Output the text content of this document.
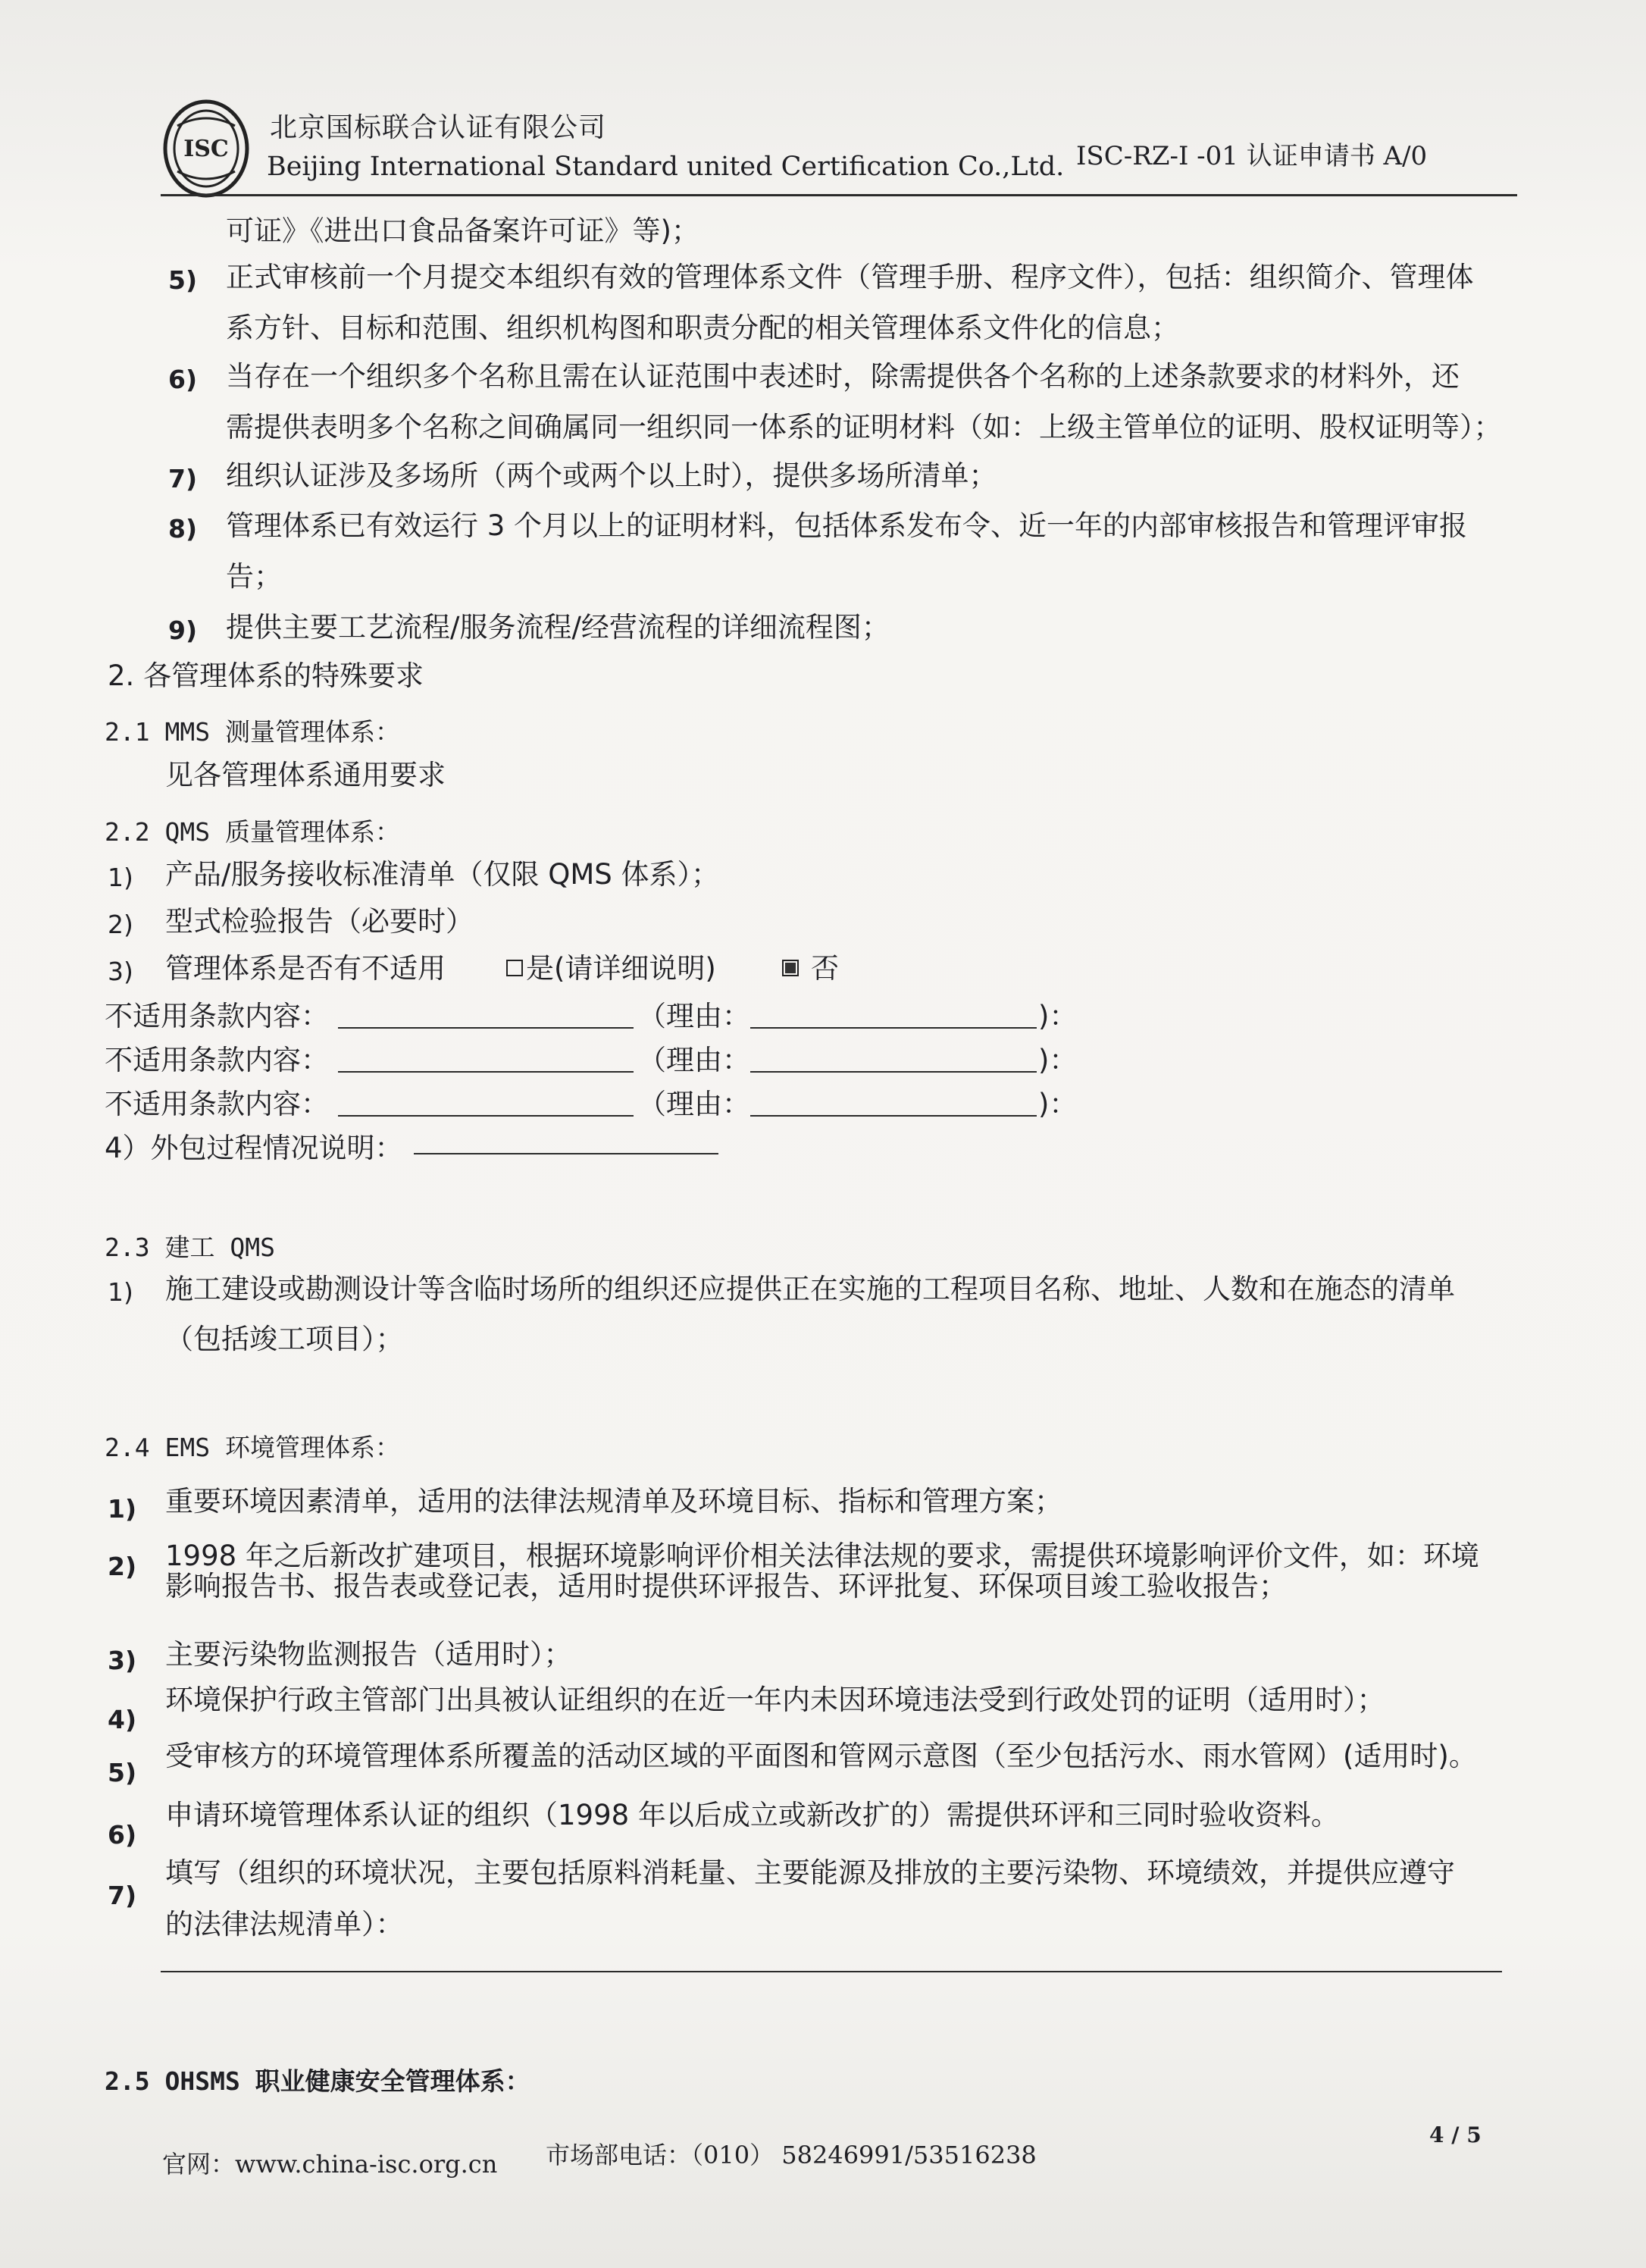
ISC
北京国标联合认证有限公司
Beijing International Standard united Certification Co.,Ltd. ISC-RZ-I -01 认证申请书 A/0
可证》《进出口食品备案许可证》等)；
5) 正式审核前一个月提交本组织有效的管理体系文件（管理手册、程序文件），包括：组织简介、管理体
系方针、目标和范围、组织机构图和职责分配的相关管理体系文件化的信息；
6) 当存在一个组织多个名称且需在认证范围中表述时，除需提供各个名称的上述条款要求的材料外，还
需提供表明多个名称之间确属同一组织同一体系的证明材料（如：上级主管单位的证明、股权证明等）；
7) 组织认证涉及多场所（两个或两个以上时），提供多场所清单；
8) 管理体系已有效运行 3 个月以上的证明材料，包括体系发布令、近一年的内部审核报告和管理评审报
告；
9) 提供主要工艺流程/服务流程/经营流程的详细流程图；
2. 各管理体系的特殊要求
2.1 MMS 测量管理体系：
见各管理体系通用要求
2.2 QMS 质量管理体系：
1) 产品/服务接收标准清单（仅限 QMS 体系）；
2) 型式检验报告（必要时）
3) 管理体系是否有不适用	是(请详细说明)	否
不适用条款内容：	（理由：	)：
不适用条款内容：	（理由：	)：
不适用条款内容：	（理由：	)：
4）外包过程情况说明：
2.3 建工 QMS
1) 施工建设或勘测设计等含临时场所的组织还应提供正在实施的工程项目名称、地址、人数和在施态的清单
（包括竣工项目）；
2.4 EMS 环境管理体系：
1) 重要环境因素清单，适用的法律法规清单及环境目标、指标和管理方案；
2) 1998 年之后新改扩建项目，根据环境影响评价相关法律法规的要求，需提供环境影响评价文件，如：环境
影响报告书、报告表或登记表，适用时提供环评报告、环评批复、环保项目竣工验收报告；
3) 主要污染物监测报告（适用时）；
4)
环境保护行政主管部门出具被认证组织的在近一年内未因环境违法受到行政处罚的证明（适用时）；
5)
受审核方的环境管理体系所覆盖的活动区域的平面图和管网示意图（至少包括污水、雨水管网）(适用时)。
6)
申请环境管理体系认证的组织（1998 年以后成立或新改扩的）需提供环评和三同时验收资料。
7)
填写（组织的环境状况，主要包括原料消耗量、主要能源及排放的主要污染物、环境绩效，并提供应遵守
的法律法规清单）：
2.5 OHSMS 职业健康安全管理体系：
官网：www.china-isc.org.cn 市场部电话：（010） 58246991/53516238
4 / 5
